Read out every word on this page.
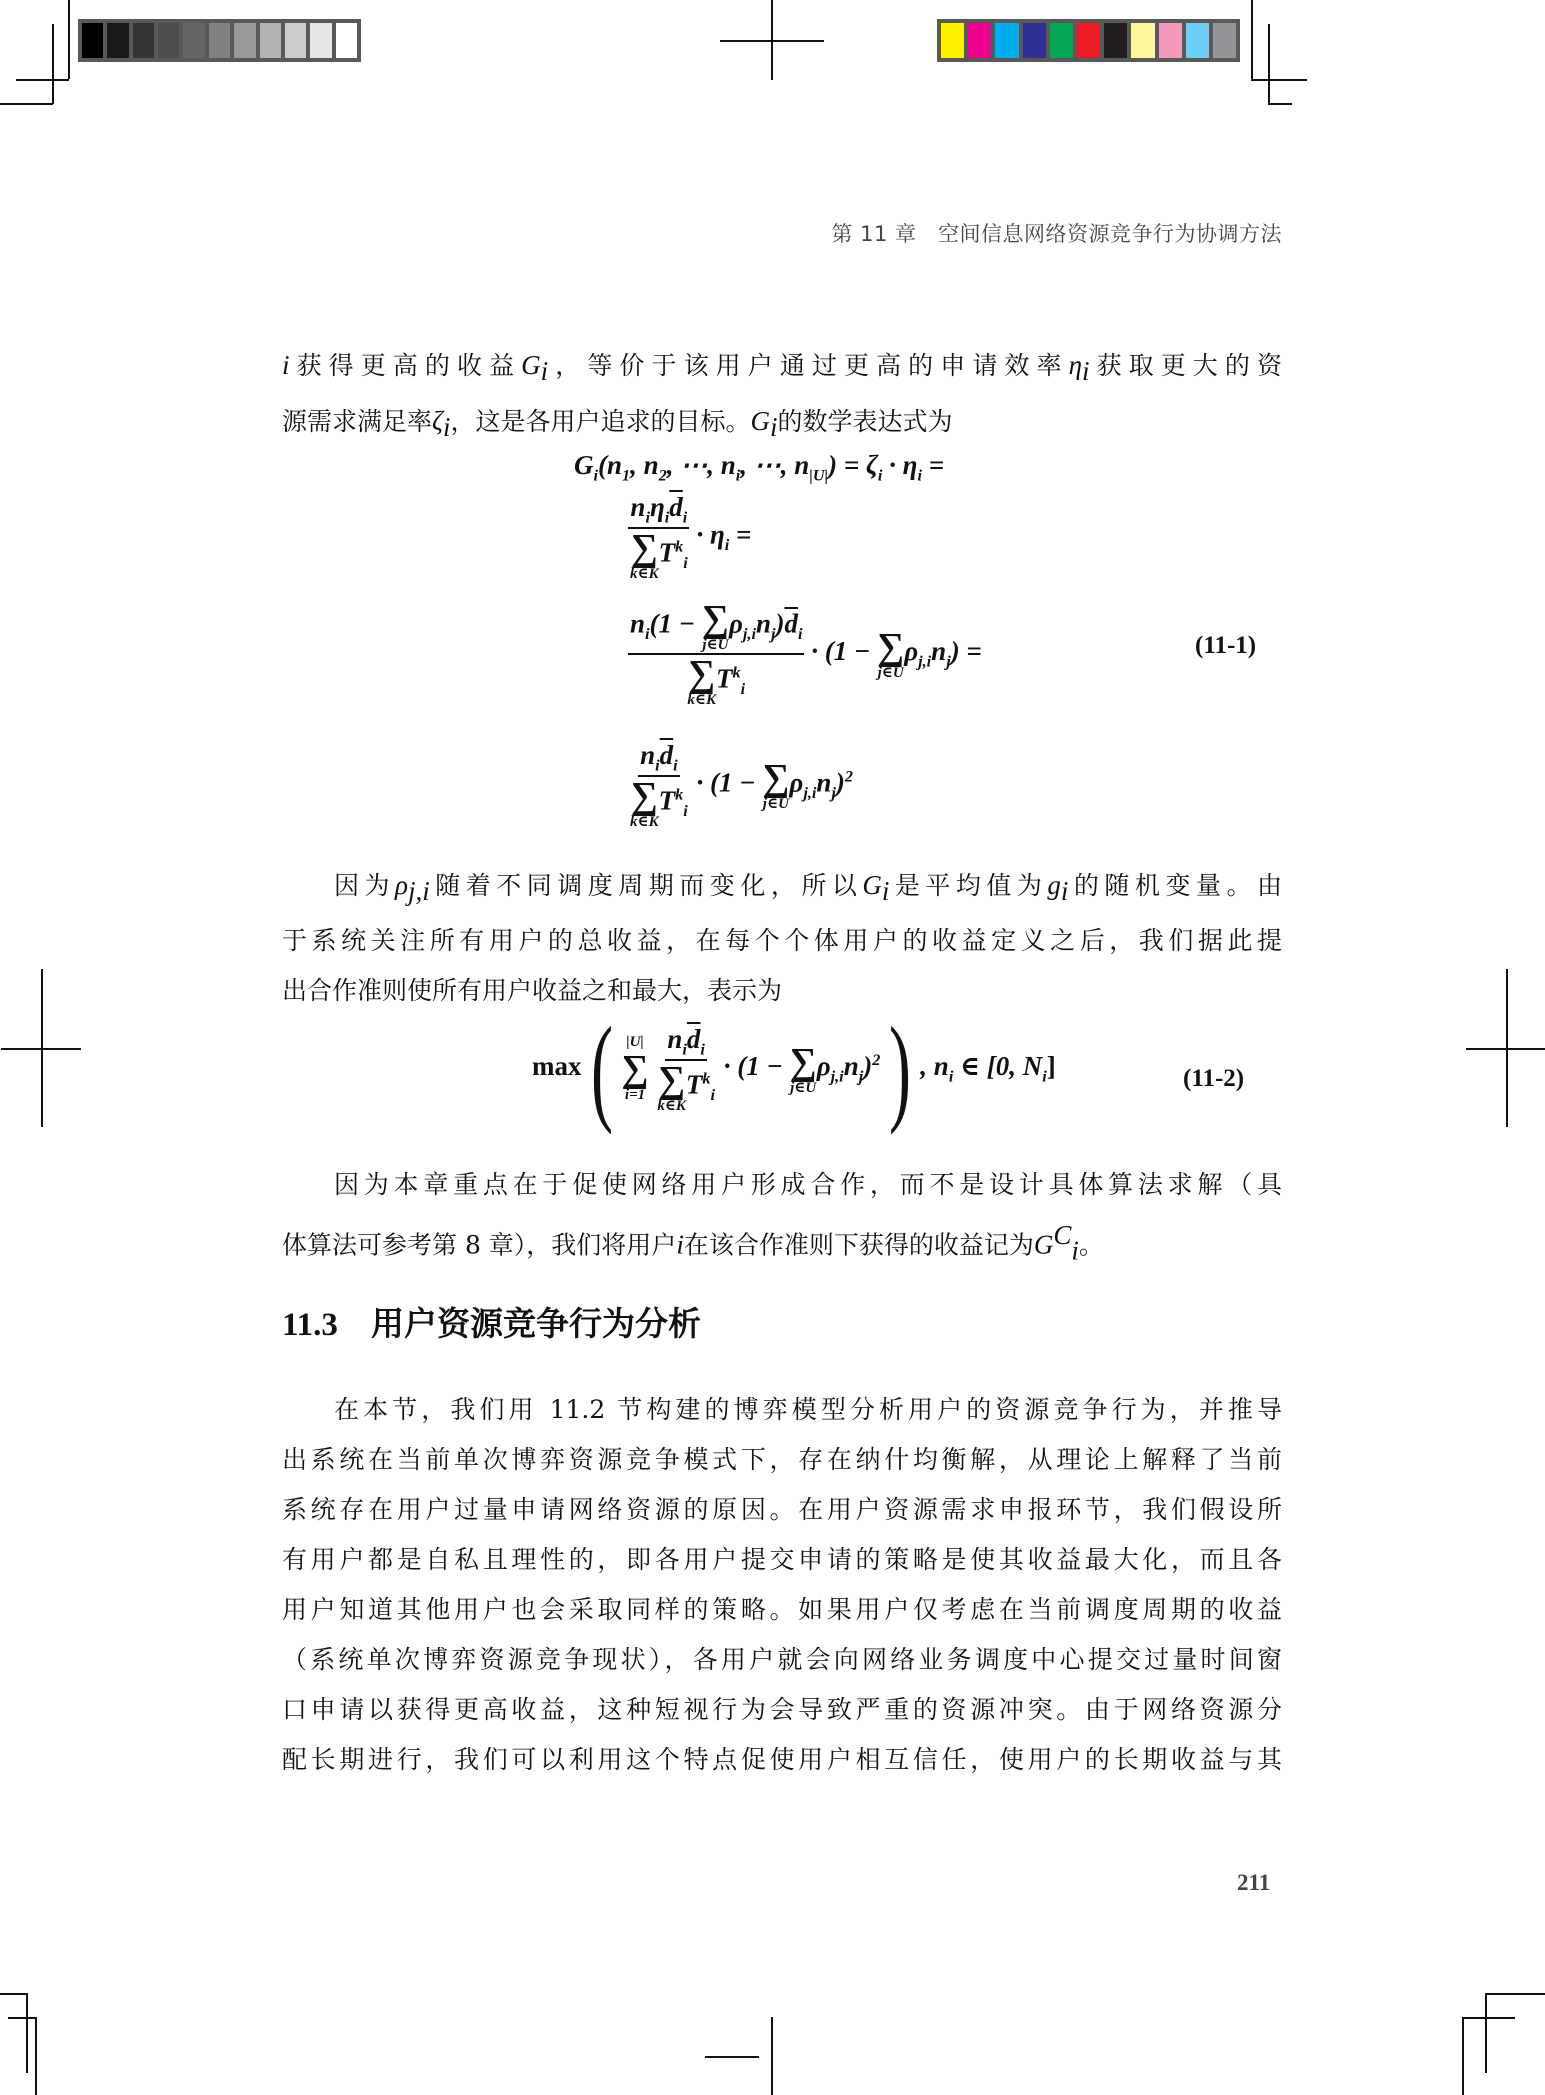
第 11 章　空间信息网络资源竞争行为协调方法

i获得更高的收益$G_i$，等价于该用户通过更高的申请效率$\eta_i$获取更大的资

源需求满足率$\zeta_i$，这是各用户追求的目标。$G_i$的数学表达式为

$G_i(n_1$, $n_2$, ⋯, $n_i$, ⋯, $n_{|U|}) = \zeta_i \cdot \eta_i$ =
$n_i\eta_i\overline{d}_i$
∑
k∈K
$T^k_i \cdot \eta_i$ =
$n_i(1$ − ∑
j∈U
$\rho_{j,i}n_j)\overline{d}_i$
∑
k∈K
$T^k_i \cdot (1$ − ∑
j∈U
$\rho_{j,i}n_j$) =	(11-1)
$n_i\overline{d}_i$
∑
k∈K
$T^k_i \cdot (1$ − ∑
j∈U
$\rho_{j,i}n_j)^2$

因为$\rho_{j,i}$随着不同调度周期而变化，所以$G_i$是平均值为$g_i$的随机变量。由

于系统关注所有用户的总收益，在每个个体用户的收益定义之后，我们据此提

出合作准则使所有用户收益之和最大，表示为

max( |U|
∑
i=1
$n_i\overline{d}_i$
∑
k∈K
$T^k_i \cdot (1$ − ∑
j∈U
$\rho_{j,i}n_j)^2$) , $n_i$ ∈ [0, $N_i$]	(11-2)

因为本章重点在于促使网络用户形成合作，而不是设计具体算法求解（具

体算法可参考第 8 章），我们将用户i在该合作准则下获得的收益记为$G^C_i$。

11.3 用户资源竞争行为分析

在本节，我们用 11.2 节构建的博弈模型分析用户的资源竞争行为，并推导

出系统在当前单次博弈资源竞争模式下，存在纳什均衡解，从理论上解释了当前

系统存在用户过量申请网络资源的原因。在用户资源需求申报环节，我们假设所

有用户都是自私且理性的，即各用户提交申请的策略是使其收益最大化，而且各

用户知道其他用户也会采取同样的策略。如果用户仅考虑在当前调度周期的收益

（系统单次博弈资源竞争现状），各用户就会向网络业务调度中心提交过量时间窗

口申请以获得更高收益，这种短视行为会导致严重的资源冲突。由于网络资源分

配长期进行，我们可以利用这个特点促使用户相互信任，使用户的长期收益与其

211
